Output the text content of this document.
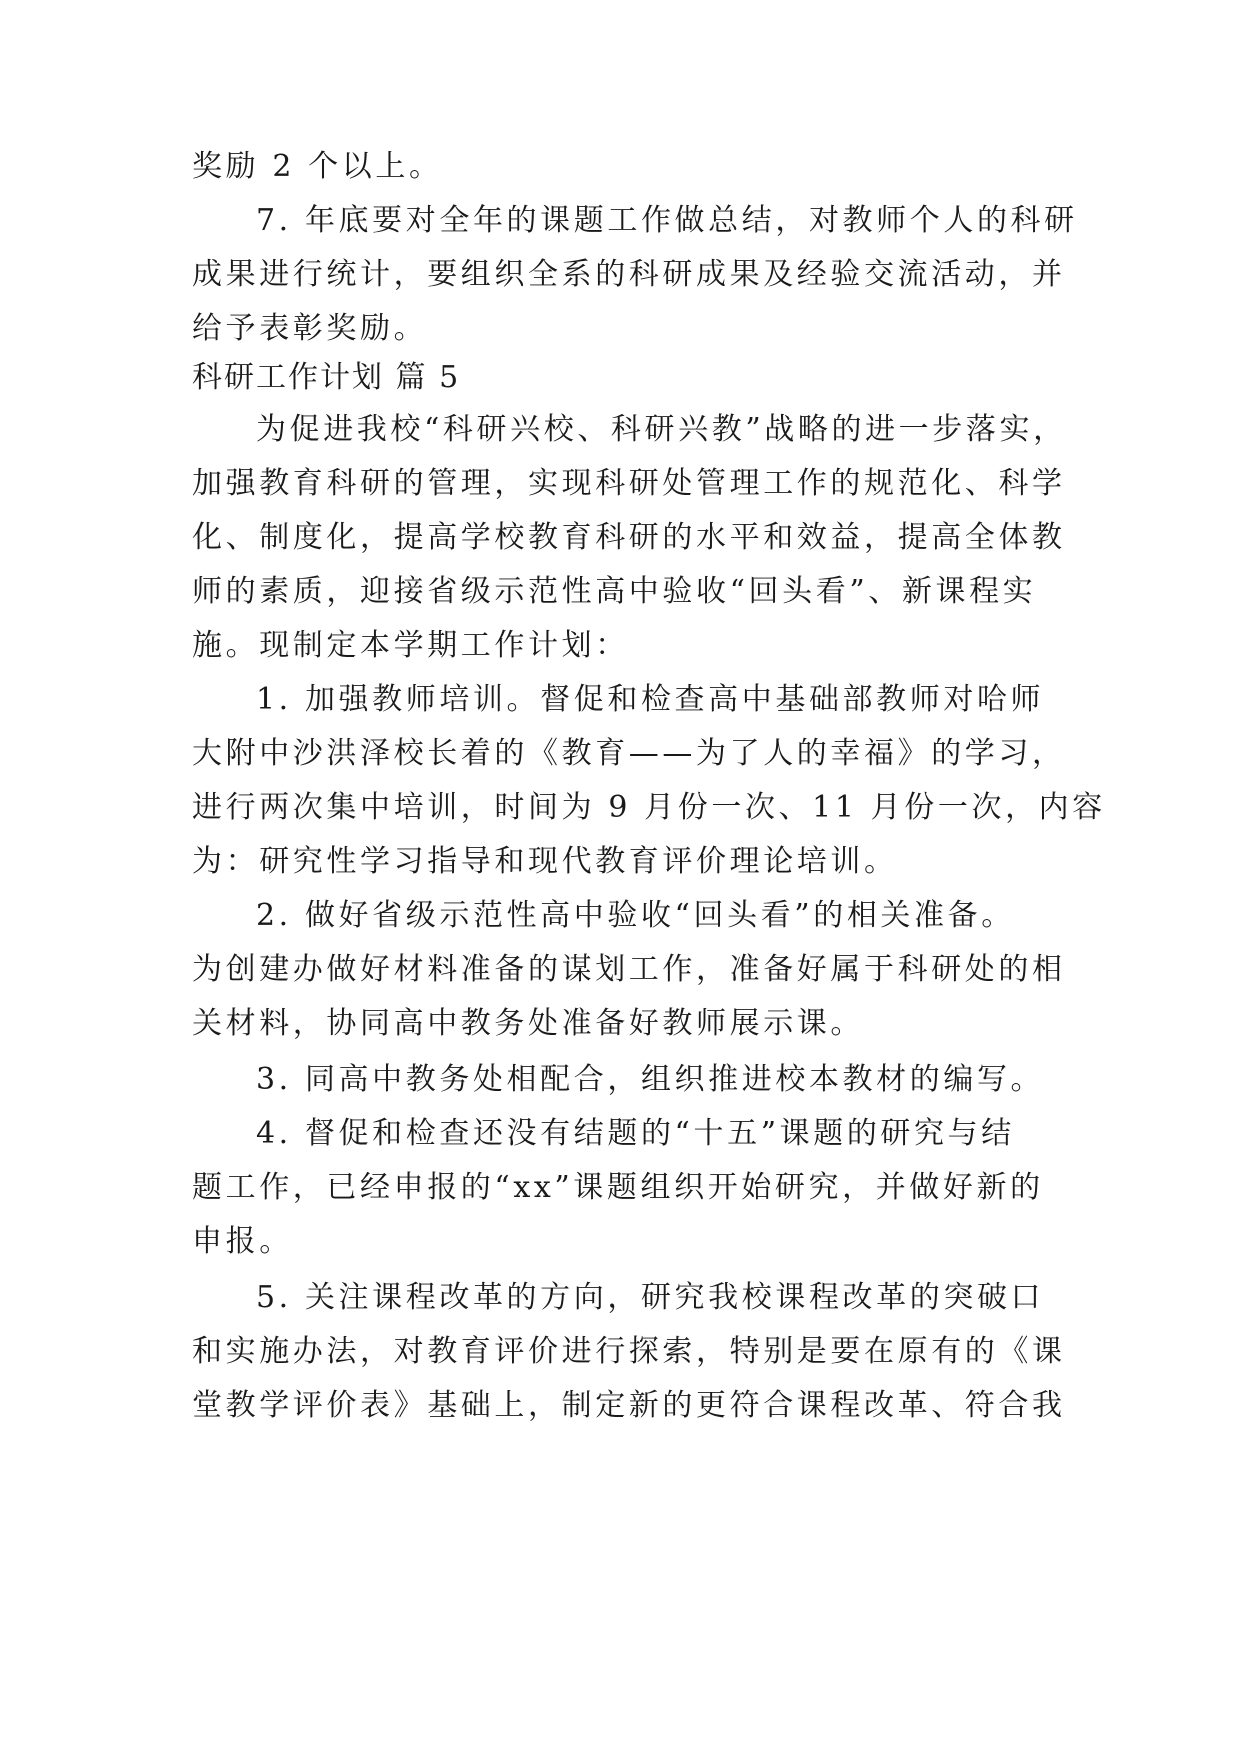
奖励 2 个以上。
7. 年底要对全年的课题工作做总结，对教师个人的科研
成果进行统计，要组织全系的科研成果及经验交流活动，并
给予表彰奖励。
科研工作计划 篇 5
为促进我校“科研兴校、科研兴教”战略的进一步落实，
加强教育科研的管理，实现科研处管理工作的规范化、科学
化、制度化，提高学校教育科研的水平和效益，提高全体教
师的素质，迎接省级示范性高中验收“回头看”、新课程实
施。现制定本学期工作计划：
1. 加强教师培训。督促和检查高中基础部教师对哈师
大附中沙洪泽校长着的《教育——为了人的幸福》的学习，
进行两次集中培训，时间为 9 月份一次、11 月份一次，内容
为：研究性学习指导和现代教育评价理论培训。
2. 做好省级示范性高中验收“回头看”的相关准备。
为创建办做好材料准备的谋划工作，准备好属于科研处的相
关材料，协同高中教务处准备好教师展示课。
3. 同高中教务处相配合，组织推进校本教材的编写。
4. 督促和检查还没有结题的“十五”课题的研究与结
题工作，已经申报的“xx”课题组织开始研究，并做好新的
申报。
5. 关注课程改革的方向，研究我校课程改革的突破口
和实施办法，对教育评价进行探索，特别是要在原有的《课
堂教学评价表》基础上，制定新的更符合课程改革、符合我
